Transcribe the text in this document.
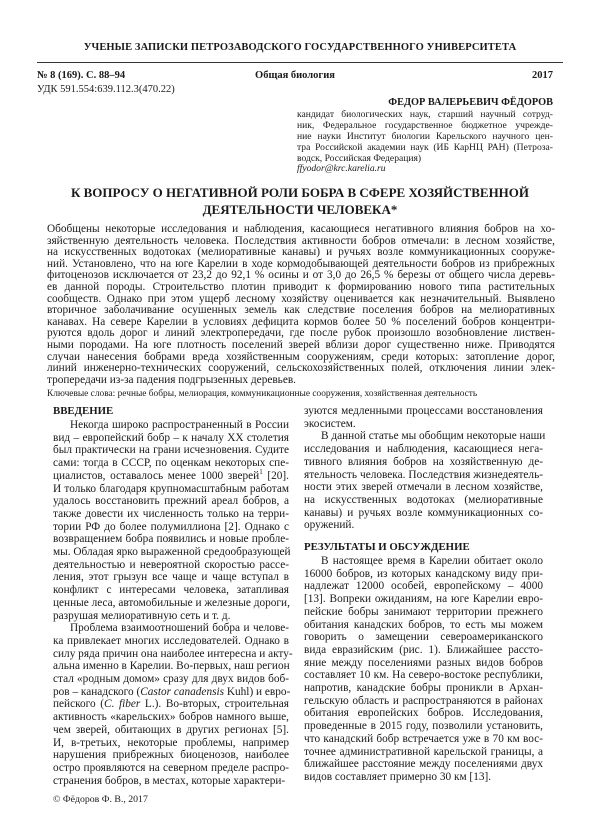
УЧЕНЫЕ ЗАПИСКИ ПЕТРОЗАВОДСКОГО ГОСУДАРСТВЕННОГО УНИВЕРСИТЕТА
№ 8 (169). С. 88–94	Общая биология	2017
УДК 591.554:639.112.3(470.22)
ФЕДОР ВАЛЕРЬЕВИЧ ФЁДОРОВ
кандидат биологических наук, старший научный сотруд-
ник, Федеральное государственное бюджетное учрежде-
ние науки Институт биологии Карельского научного цен-
тра Российской академии наук (ИБ КарНЦ РАН) (Петроза-
водск, Российская Федерация)
ffyodor@krc.karelia.ru
К ВОПРОСУ О НЕГАТИВНОЙ РОЛИ БОБРА В СФЕРЕ ХОЗЯЙСТВЕННОЙ
ДЕЯТЕЛЬНОСТИ ЧЕЛОВЕКА*
Обобщены некоторые исследования и наблюдения, касающиеся негативного влияния бобров на хо-
зяйственную деятельность человека. Последствия активности бобров отмечали: в лесном хозяйстве,
на искусственных водотоках (мелиоративные канавы) и ручьях возле коммуникационных сооруже-
ний. Установлено, что на юге Карелии в ходе кормодобывающей деятельности бобров из прибрежных
фитоценозов исключается от 23,2 до 92,1 % осины и от 3,0 до 26,5 % березы от общего числа деревь-
ев данной породы. Строительство плотин приводит к формированию нового типа растительных
сообществ. Однако при этом ущерб лесному хозяйству оценивается как незначительный. Выявлено
вторичное заболачивание осушенных земель как следствие поселения бобров на мелиоративных
канавах. На севере Карелии в условиях дефицита кормов более 50 % поселений бобров концентри-
руются вдоль дорог и линий электропередачи, где после рубок произошло возобновление листвен-
ными породами. На юге плотность поселений зверей вблизи дорог существенно ниже. Приводятся
случаи нанесения бобрами вреда хозяйственным сооружениям, среди которых: затопление дорог,
линий инженерно-технических сооружений, сельскохозяйственных полей, отключения линии элек-
тропередачи из-за падения подгрызенных деревьев.
Ключевые слова: речные бобры, мелиорация, коммуникационные сооружения, хозяйственная деятельность
ВВЕДЕНИЕ
Некогда широко распространенный в России
вид – европейский бобр – к началу XX столетия
был практически на грани исчезновения. Судите
сами: тогда в СССР, по оценкам некоторых спе-
циалистов, оставалось менее 1000 зверей$^1$ [20].
И только благодаря крупномасштабным работам
удалось восстановить прежний ареал бобров, а
также довести их численность только на терри-
тории РФ до более полумиллиона [2]. Однако с
возвращением бобра появились и новые пробле-
мы. Обладая ярко выраженной средообразующей
деятельностью и невероятной скоростью рассе-
ления, этот грызун все чаще и чаще вступал в
конфликт с интересами человека, затапливая
ценные леса, автомобильные и железные дороги,
разрушая мелиоративную сеть и т. д.
Проблема взаимоотношений бобра и челове-
ка привлекает многих исследователей. Однако в
силу ряда причин она наиболее интересна и акту-
альна именно в Карелии. Во-первых, наш регион
стал «родным домом» сразу для двух видов боб-
ров – канадского (Castor canadensis Kuhl) и евро-
пейского (C. fiber L.). Во-вторых, строительная
активность «карельских» бобров намного выше,
чем зверей, обитающих в других регионах [5].
И, в-третьих, некоторые проблемы, например
нарушения прибрежных биоценозов, наиболее
остро проявляются на северном пределе распро-
странения бобров, в местах, которые характери-
зуются медленными процессами восстановления
экосистем.
В данной статье мы обобщим некоторые наши
исследования и наблюдения, касающиеся нега-
тивного влияния бобров на хозяйственную де-
ятельность человека. Последствия жизнедеятель-
ности этих зверей отмечали в лесном хозяйстве,
на искусственных водотоках (мелиоративные
канавы) и ручьях возле коммуникационных со-
оружений.
РЕЗУЛЬТАТЫ И ОБСУЖДЕНИЕ
В настоящее время в Карелии обитает около
16000 бобров, из которых канадскому виду при-
надлежат 12000 особей, европейскому – 4000
[13]. Вопреки ожиданиям, на юге Карелии евро-
пейские бобры занимают территории прежнего
обитания канадских бобров, то есть мы можем
говорить о замещении североамериканского
вида евразийским (рис. 1). Ближайшее рассто-
яние между поселениями разных видов бобров
составляет 10 км. На северо-востоке республики,
напротив, канадские бобры проникли в Архан-
гельскую область и распространяются в районах
обитания европейских бобров. Исследования,
проведенные в 2015 году, позволили установить,
что канадский бобр встречается уже в 70 км вос-
точнее административной карельской границы, а
ближайшее расстояние между поселениями двух
видов составляет примерно 30 км [13].
© Фёдоров Ф. В., 2017
